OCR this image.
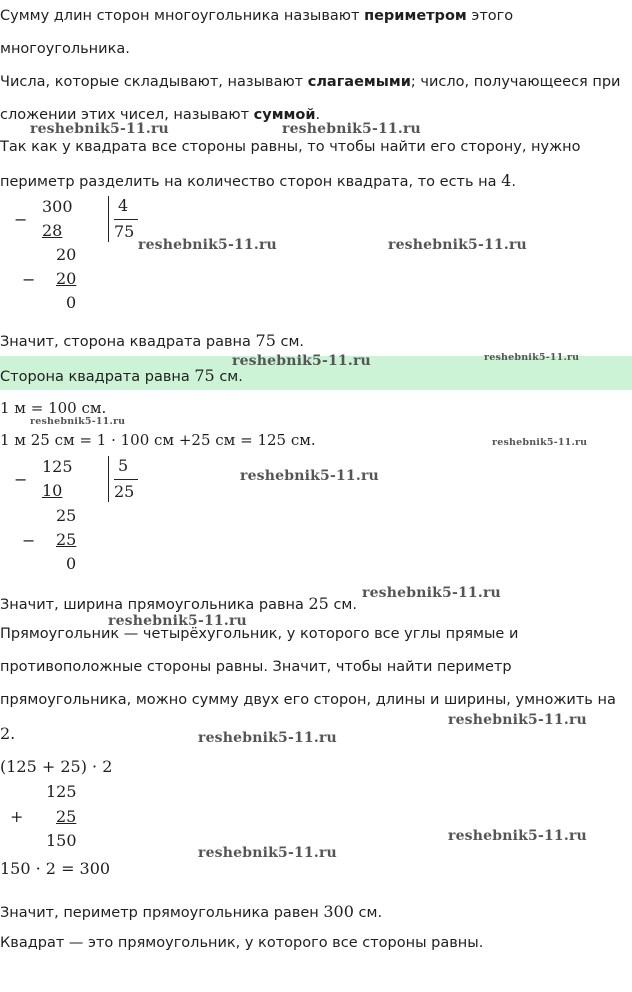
Сумму длин сторон многоугольника называют периметром этого
многоугольника.
Числа, которые складывают, называют слагаемыми; число, получающееся при
сложении этих чисел, называют суммой.
Так как у квадрата все стороны равны, то чтобы найти его сторону, нужно
периметр разделить на количество сторон квадрата, то есть на 4.
−
300
28
20
− 20
0
4
75
Значит, сторона квадрата равна 75 см.
Сторона квадрата равна 75 см.
1 м = 100 см.
1 м 25 см = 1 · 100 см +25 см = 125 см.
−
125
10
25
− 25
0
5
25
Значит, ширина прямоугольника равна 25 см.
Прямоугольник — четырёхугольник, у которого все углы прямые и
противоположные стороны равны. Значит, чтобы найти периметр
прямоугольника, можно сумму двух его сторон, длины и ширины, умножить на
2.
(125 + 25) · 2
125
+ 25
150
150 · 2 = 300
Значит, периметр прямоугольника равен 300 см.
Квадрат — это прямоугольник, у которого все стороны равны.
reshebnik5-11.ru	reshebnik5-11.ru
reshebnik5-11.ru	reshebnik5-11.ru
reshebnik5-11.ru	reshebnik5-11.ru
reshebnik5-11.ru
reshebnik5-11.ru
reshebnik5-11.ru
reshebnik5-11.ru
reshebnik5-11.ru
reshebnik5-11.ru
reshebnik5-11.ru
reshebnik5-11.ru
reshebnik5-11.ru
